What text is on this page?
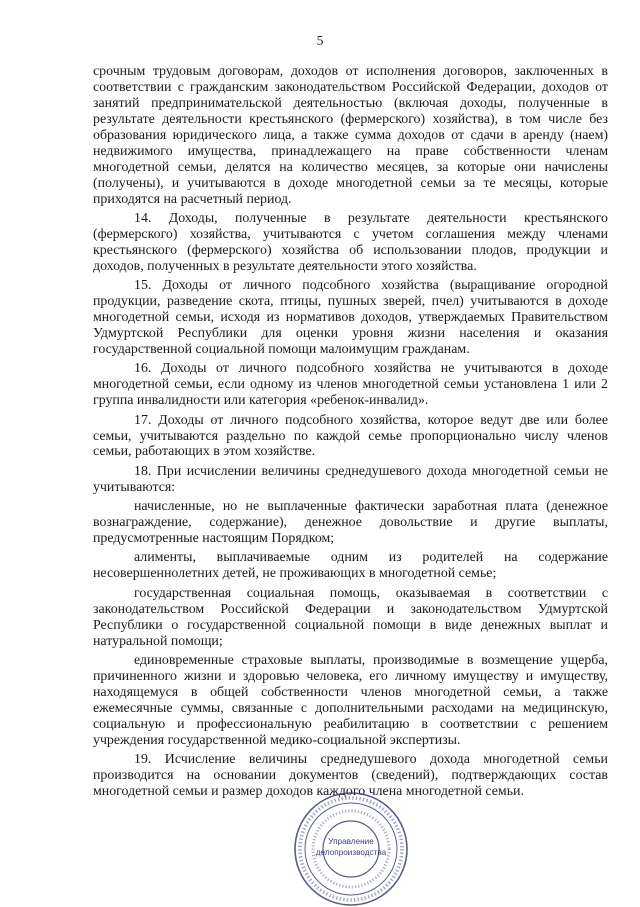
5

срочным трудовым договорам, доходов от исполнения договоров, заключенных в соответствии с гражданским законодательством Российской Федерации, доходов от занятий предпринимательской деятельностью (включая доходы, полученные в результате деятельности крестьянского (фермерского) хозяйства), в том числе без образования юридического лица, а также сумма доходов от сдачи в аренду (наем) недвижимого имущества, принадлежащего на праве собственности членам многодетной семьи, делятся на количество месяцев, за которые они начислены (получены), и учитываются в доходе многодетной семьи за те месяцы, которые приходятся на расчетный период.

14. Доходы, полученные в результате деятельности крестьянского (фермерского) хозяйства, учитываются с учетом соглашения между членами крестьянского (фермерского) хозяйства об использовании плодов, продукции и доходов, полученных в результате деятельности этого хозяйства.

15. Доходы от личного подсобного хозяйства (выращивание огородной продукции, разведение скота, птицы, пушных зверей, пчел) учитываются в доходе многодетной семьи, исходя из нормативов доходов, утверждаемых Правительством Удмуртской Республики для оценки уровня жизни населения и оказания государственной социальной помощи малоимущим гражданам.

16. Доходы от личного подсобного хозяйства не учитываются в доходе многодетной семьи, если одному из членов многодетной семьи установлена 1 или 2 группа инвалидности или категория «ребенок-инвалид».

17. Доходы от личного подсобного хозяйства, которое ведут две или более семьи, учитываются раздельно по каждой семье пропорционально числу членов семьи, работающих в этом хозяйстве.

18. При исчислении величины среднедушевого дохода многодетной семьи не учитываются:

начисленные, но не выплаченные фактически заработная плата (денежное вознаграждение, содержание), денежное довольствие и другие выплаты, предусмотренные настоящим Порядком;

алименты, выплачиваемые одним из родителей на содержание несовершеннолетних детей, не проживающих в многодетной семье;

государственная социальная помощь, оказываемая в соответствии с законодательством Российской Федерации и законодательством Удмуртской Республики о государственной социальной помощи в виде денежных выплат и натуральной помощи;

единовременные страховые выплаты, производимые в возмещение ущерба, причиненного жизни и здоровью человека, его личному имуществу и имуществу, находящемуся в общей собственности членов многодетной семьи, а также ежемесячные суммы, связанные с дополнительными расходами на медицинскую, социальную и профессиональную реабилитацию в соответствии с решением учреждения государственной медико-социальной экспертизы.

19. Исчисление величины среднедушевого дохода многодетной семьи производится на основании документов (сведений), подтверждающих состав многодетной семьи и размер доходов каждого члена многодетной семьи.

Управление
делопроизводства
